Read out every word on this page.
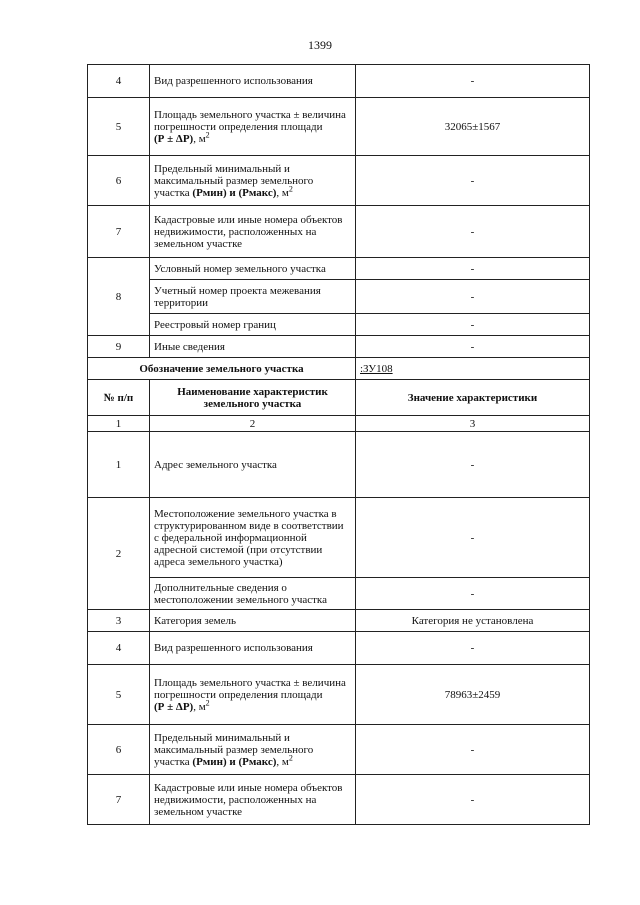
1399
4	Вид разрешенного использования	-
5	Площадь земельного участка ± величина погрешности определения площади
(Р ± ΔР), $м^2$	32065±1567
6	Предельный минимальный и максимальный размер земельного участка (Рмин) и (Рмакс), $м^2$	-
7	Кадастровые или иные номера объектов недвижимости, расположенных на земельном участке	-
8	Условный номер земельного участка	-
	Учетный номер проекта межевания территории	-
	Реестровый номер границ	-
9	Иные сведения	-
Обозначение земельного участка		:ЗУ108
№ п/п	Наименование характеристик земельного участка	Значение характеристики
1	2	3
1	Адрес земельного участка	-
2	Местоположение земельного участка в структурированном виде в соответствии с федеральной информационной адресной системой (при отсутствии адреса земельного участка)	-
	Дополнительные сведения о местоположении земельного участка	-
3	Категория земель	Категория не установлена
4	Вид разрешенного использования	-
5	Площадь земельного участка ± величина погрешности определения площади
(Р ± ΔР), $м^2$	78963±2459
6	Предельный минимальный и максимальный размер земельного участка (Рмин) и (Рмакс), $м^2$	-
7	Кадастровые или иные номера объектов недвижимости, расположенных на земельном участке	-
